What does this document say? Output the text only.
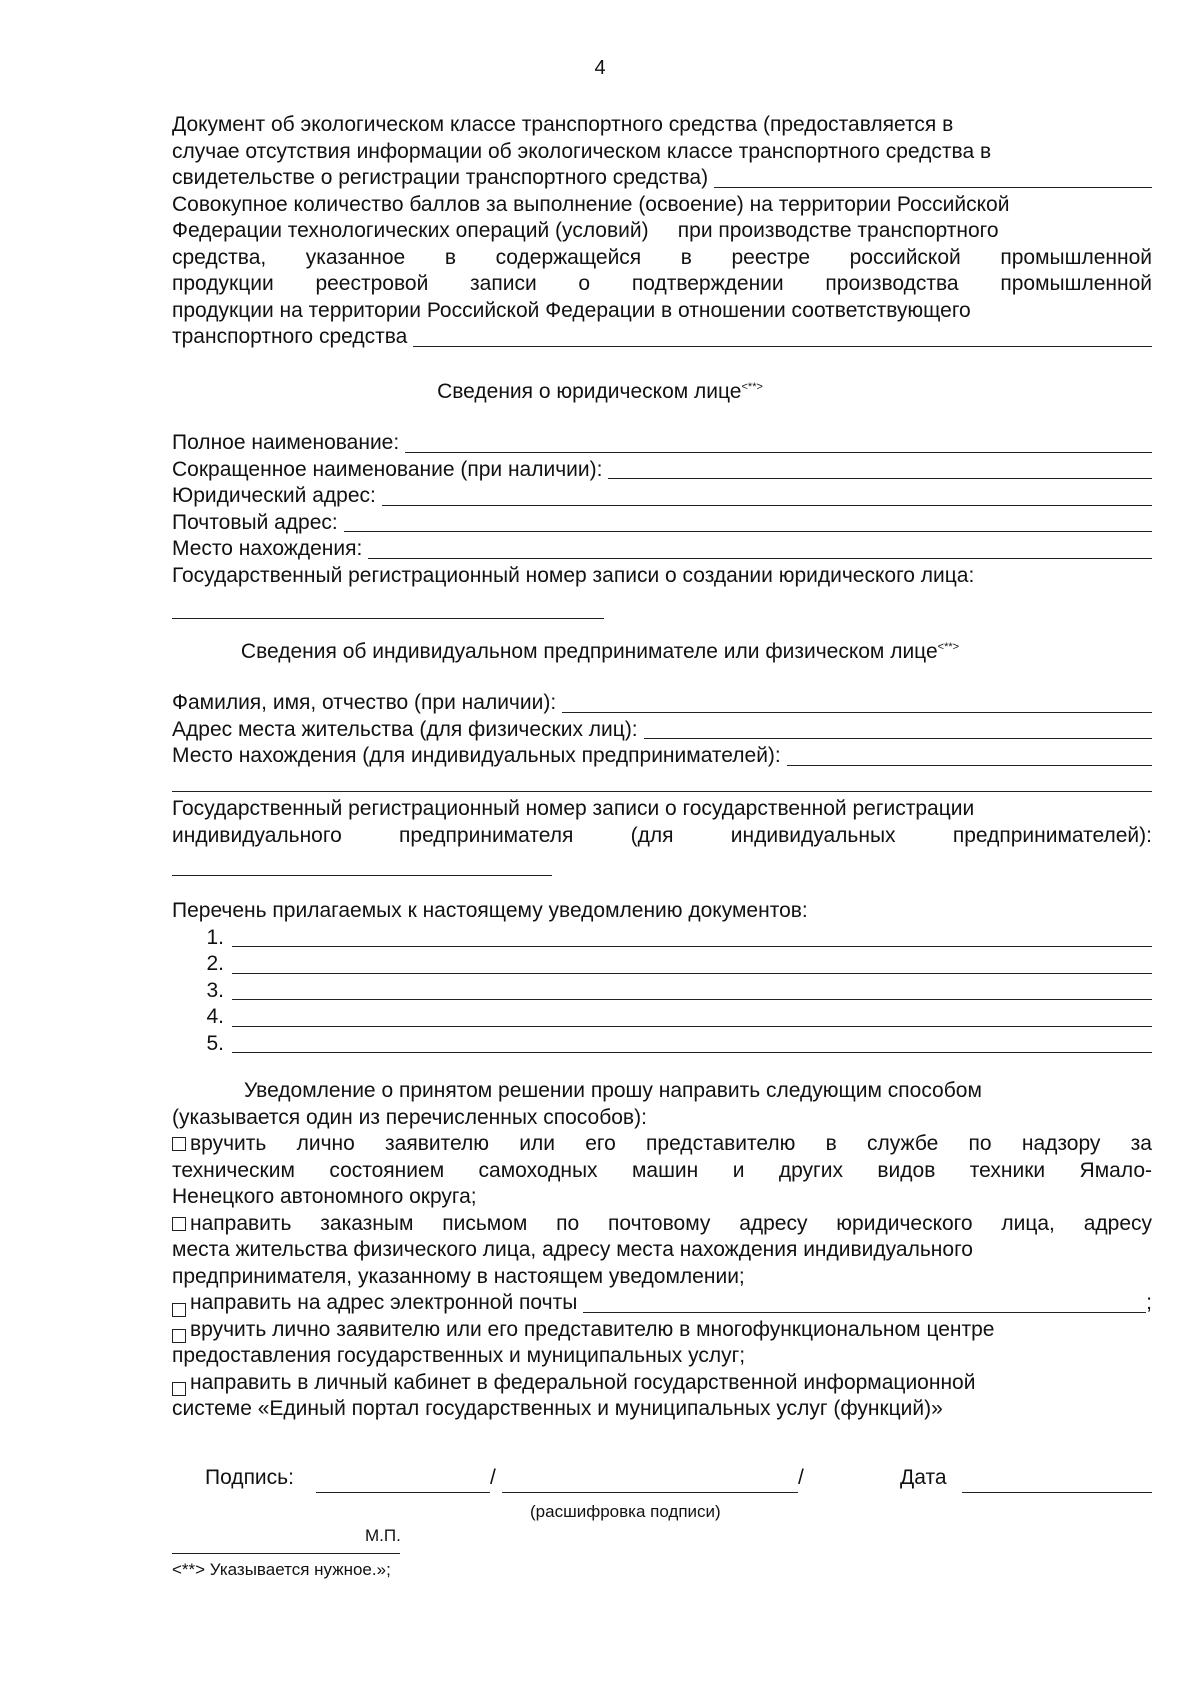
4
Документ об экологическом классе транспортного средства (предоставляется в
случае отсутствия информации об экологическом классе транспортного средства в
свидетельстве о регистрации транспортного средства)
Совокупное количество баллов за выполнение (освоение) на территории Российской
Федерации технологических операций (условий)     при производстве транспортного
средства, указанное в содержащейся в реестре российской промышленной
продукции реестровой записи о подтверждении производства промышленной
продукции на территории Российской Федерации в отношении соответствующего
транспортного средства
Сведения о юридическом лице<**>
Полное наименование:
Сокращенное наименование (при наличии):
Юридический адрес:
Почтовый адрес:
Место нахождения:
Государственный регистрационный номер записи о создании юридического лица:
Сведения об индивидуальном предпринимателе или физическом лице<**>
Фамилия, имя, отчество (при наличии):
Адрес места жительства (для физических лиц):
Место нахождения (для индивидуальных предпринимателей):
Государственный регистрационный номер записи о государственной регистрации
индивидуального предпринимателя (для индивидуальных предпринимателей):
Перечень прилагаемых к настоящему уведомлению документов:
1.
2.
3.
4.
5.
Уведомление о принятом решении прошу направить следующим способом
(указывается один из перечисленных способов):
вручить лично заявителю или его представителю в службе по надзору за
техническим состоянием самоходных машин и других видов техники Ямало-
Ненецкого автономного округа;
направить заказным письмом по почтовому адресу юридического лица, адресу
места жительства физического лица, адресу места нахождения индивидуального
предпринимателя, указанному в настоящем уведомлении;
направить на адрес электронной почты	;
вручить лично заявителю или его представителю в многофункциональном центре
предоставления государственных и муниципальных услуг;
направить в личный кабинет в федеральной государственной информационной
системе «Единый портал государственных и муниципальных услуг (функций)»
Подпись:	/	/	Дата
(расшифровка подписи)
М.П.
<**> Указывается нужное.»;
